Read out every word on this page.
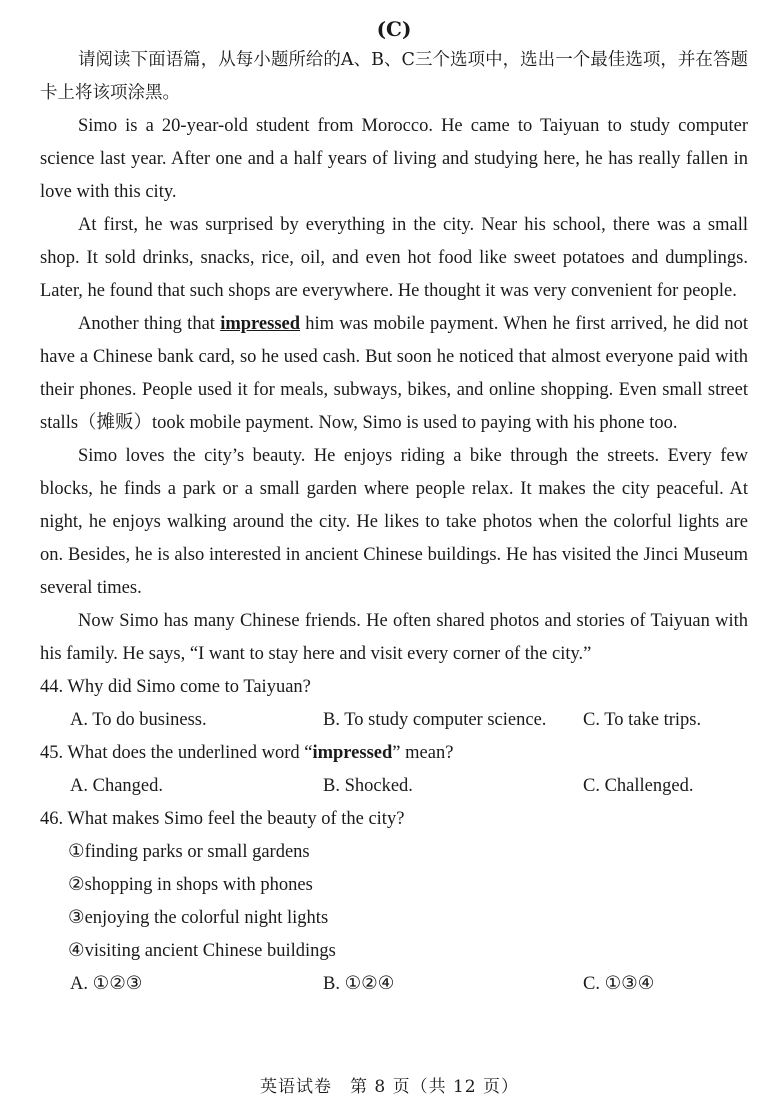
(C)

请阅读下面语篇，从每小题所给的A、B、C三个选项中，选出一个最佳选项，并在答题卡上将该项涂黑。

Simo is a 20-year-old student from Morocco. He came to Taiyuan to study computer science last year. After one and a half years of living and studying here, he has really fallen in love with this city.

At first, he was surprised by everything in the city. Near his school, there was a small shop. It sold drinks, snacks, rice, oil, and even hot food like sweet potatoes and dumplings. Later, he found that such shops are everywhere. He thought it was very convenient for people.

Another thing that impressed him was mobile payment. When he first arrived, he did not have a Chinese bank card, so he used cash. But soon he noticed that almost everyone paid with their phones. People used it for meals, subways, bikes, and online shopping. Even small street stalls（摊贩）took mobile payment. Now, Simo is used to paying with his phone too.

Simo loves the city’s beauty. He enjoys riding a bike through the streets. Every few blocks, he finds a park or a small garden where people relax. It makes the city peaceful. At night, he enjoys walking around the city. He likes to take photos when the colorful lights are on. Besides, he is also interested in ancient Chinese buildings. He has visited the Jinci Museum several times.

Now Simo has many Chinese friends. He often shared photos and stories of Taiyuan with his family. He says, “I want to stay here and visit every corner of the city.”

44. Why did Simo come to Taiyuan?
A. To do business.	B. To study computer science.	C. To take trips.
45. What does the underlined word “impressed” mean?
A. Changed.	B. Shocked.	C. Challenged.
46. What makes Simo feel the beauty of the city?
①finding parks or small gardens
②shopping in shops with phones
③enjoying the colorful night lights
④visiting ancient Chinese buildings
A. ①②③	B. ①②④	C. ①③④
英语试卷　第 8 页（共 12 页）
